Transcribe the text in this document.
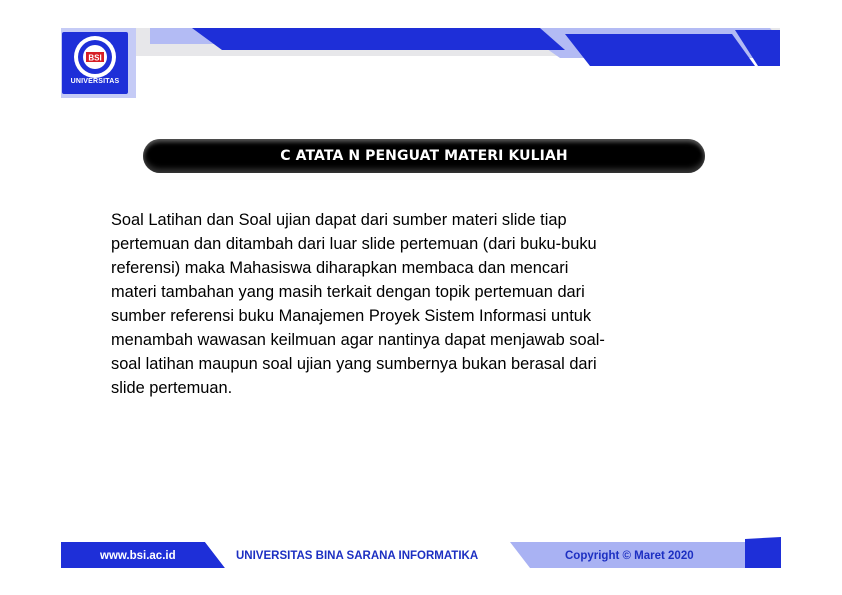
BSI
UNIVERSITAS
C ATATA N PENGUAT MATERI KULIAH

Soal Latihan dan Soal ujian dapat dari sumber materi slide tiap
pertemuan dan ditambah dari luar slide pertemuan (dari buku-buku
referensi) maka Mahasiswa diharapkan membaca dan mencari
materi tambahan yang masih terkait dengan topik pertemuan dari
sumber referensi buku Manajemen Proyek Sistem Informasi untuk
menambah wawasan keilmuan agar nantinya dapat menjawab soal-
soal latihan maupun soal ujian yang sumbernya bukan berasal dari
slide pertemuan.

www.bsi.ac.id	UNIVERSITAS BINA SARANA INFORMATIKA	Copyright © Maret 2020
